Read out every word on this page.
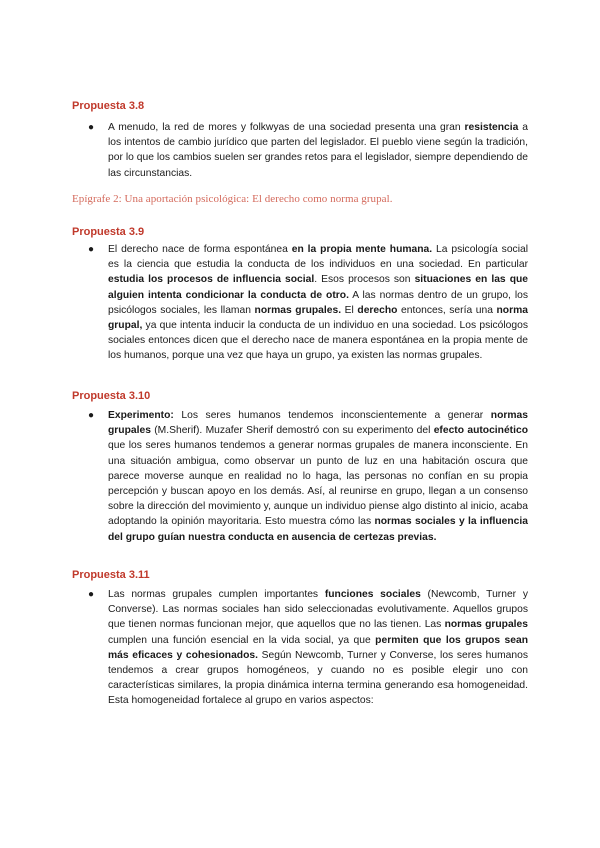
Propuesta 3.8
● A menudo, la red de mores y folkwyas de una sociedad presenta una gran resistencia a los intentos de cambio jurídico que parten del legislador. El pueblo viene según la tradición, por lo que los cambios suelen ser grandes retos para el legislador, siempre dependiendo de las circunstancias.

Epígrafe 2: Una aportación psicológica: El derecho como norma grupal.

Propuesta 3.9
● El derecho nace de forma espontánea en la propia mente humana. La psicología social es la ciencia que estudia la conducta de los individuos en una sociedad. En particular estudia los procesos de influencia social. Esos procesos son situaciones en las que alguien intenta condicionar la conducta de otro. A las normas dentro de un grupo, los psicólogos sociales, les llaman normas grupales. El derecho entonces, sería una norma grupal, ya que intenta inducir la conducta de un individuo en una sociedad. Los psicólogos sociales entonces dicen que el derecho nace de manera espontánea en la propia mente de los humanos, porque una vez que haya un grupo, ya existen las normas grupales.

Propuesta 3.10
● Experimento: Los seres humanos tendemos inconscientemente a generar normas grupales (M.Sherif). Muzafer Sherif demostró con su experimento del efecto autocinético que los seres humanos tendemos a generar normas grupales de manera inconsciente. En una situación ambigua, como observar un punto de luz en una habitación oscura que parece moverse aunque en realidad no lo haga, las personas no confían en su propia percepción y buscan apoyo en los demás. Así, al reunirse en grupo, llegan a un consenso sobre la dirección del movimiento y, aunque un individuo piense algo distinto al inicio, acaba adoptando la opinión mayoritaria. Esto muestra cómo las normas sociales y la influencia del grupo guían nuestra conducta en ausencia de certezas previas.

Propuesta 3.11
● Las normas grupales cumplen importantes funciones sociales (Newcomb, Turner y Converse). Las normas sociales han sido seleccionadas evolutivamente. Aquellos grupos que tienen normas funcionan mejor, que aquellos que no las tienen. Las normas grupales cumplen una función esencial en la vida social, ya que permiten que los grupos sean más eficaces y cohesionados. Según Newcomb, Turner y Converse, los seres humanos tendemos a crear grupos homogéneos, y cuando no es posible elegir uno con características similares, la propia dinámica interna termina generando esa homogeneidad. Esta homogeneidad fortalece al grupo en varios aspectos:
